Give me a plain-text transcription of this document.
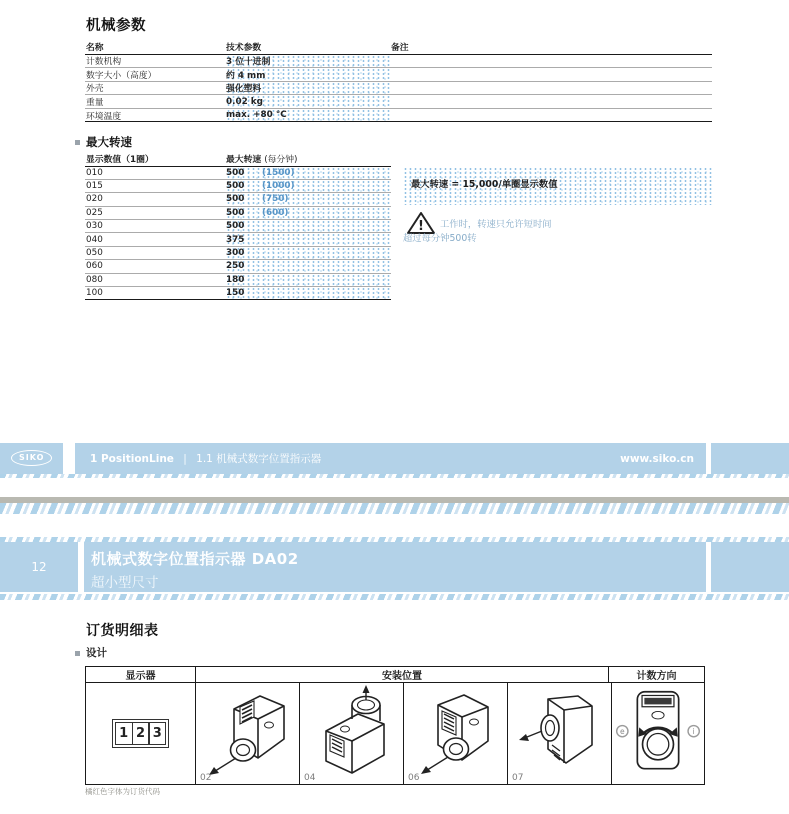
机械参数
名称	技术参数	备注
计数机构	3 位十进制
数字大小（高度）	约 4 mm
外壳	强化塑料
重量	0.02 kg
环境温度	max. +80 °C
最大转速
显示数值（1圈）	最大转速 (每分钟)
010	500	(1500)
015	500	(1000)
020	500	(750)
025	500	(600)
030	500
040	375
050	300
060	250
080	180
100	150
最大转速 = 15,000/单圈显示数值
! 工作时，转速只允许短时间
超过每分钟500转
SIKO	1 PositionLine | 1.1 机械式数字位置指示器	www.siko.cn
12	机械式数字位置指示器 DA02
超小型尺寸
订货明细表
设计
显示器	安装位置	计数方向
1 2 3
02	04	06	07
e	i
橘红色字体为订货代码
